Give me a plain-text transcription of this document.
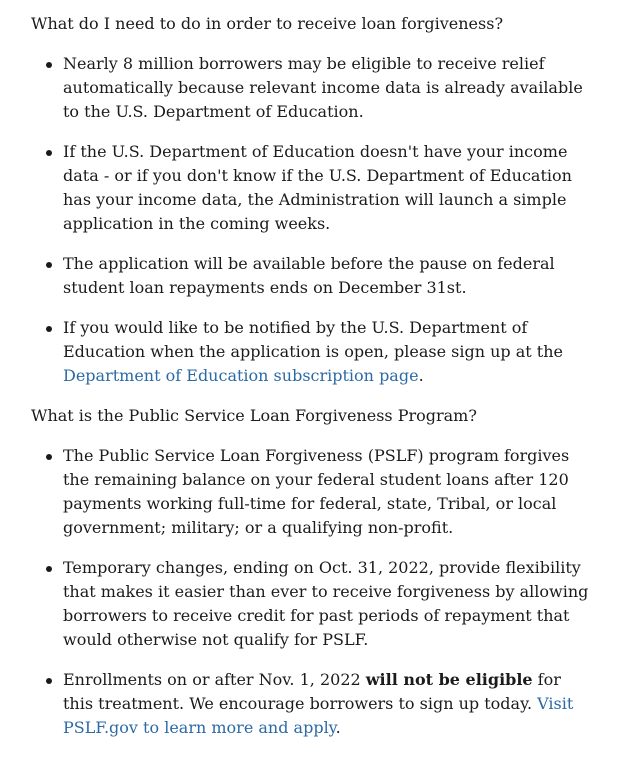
What do I need to do in order to receive loan forgiveness?

Nearly 8 million borrowers may be eligible to receive relief automatically because relevant income data is already available to the U.S. Department of Education.
If the U.S. Department of Education doesn't have your income data - or if you don't know if the U.S. Department of Education has your income data, the Administration will launch a simple application in the coming weeks.
The application will be available before the pause on federal student loan repayments ends on December 31st.
If you would like to be notified by the U.S. Department of Education when the application is open, please sign up at the Department of Education subscription page.

What is the Public Service Loan Forgiveness Program?

The Public Service Loan Forgiveness (PSLF) program forgives the remaining balance on your federal student loans after 120 payments working full-time for federal, state, Tribal, or local government; military; or a qualifying non-profit.
Temporary changes, ending on Oct. 31, 2022, provide flexibility that makes it easier than ever to receive forgiveness by allowing borrowers to receive credit for past periods of repayment that would otherwise not qualify for PSLF.
Enrollments on or after Nov. 1, 2022 will not be eligible for this treatment. We encourage borrowers to sign up today. Visit PSLF.gov to learn more and apply.
